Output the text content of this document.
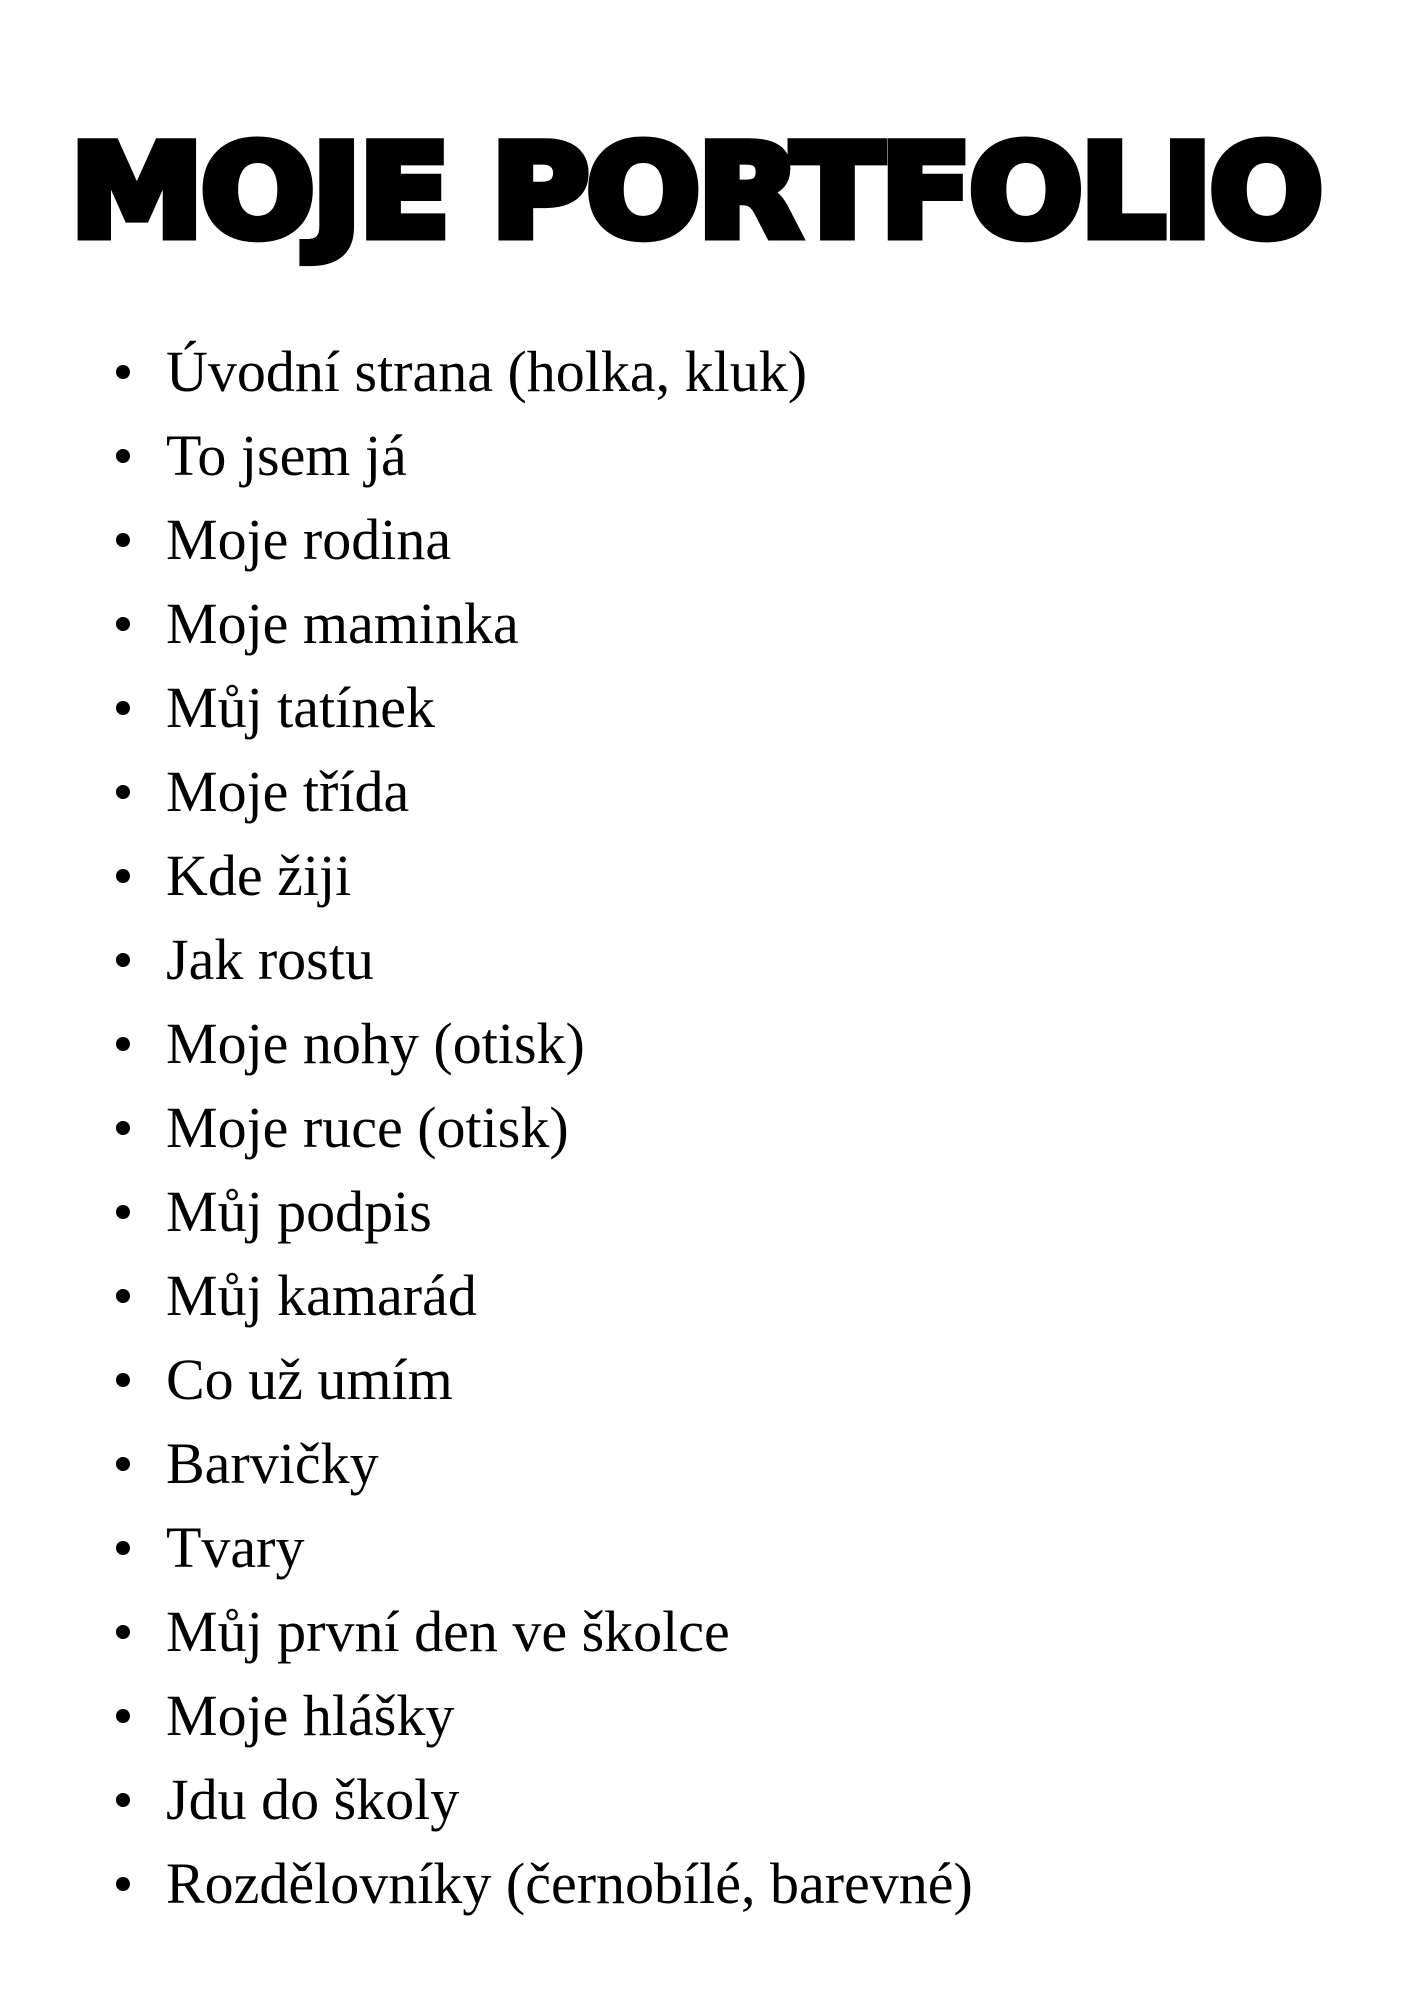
MOJE PORTFOLIO
Úvodní strana (holka, kluk)
To jsem já
Moje rodina
Moje maminka
Můj tatínek
Moje třída
Kde žiji
Jak rostu
Moje nohy (otisk)
Moje ruce (otisk)
Můj podpis
Můj kamarád
Co už umím
Barvičky
Tvary
Můj první den ve školce
Moje hlášky
Jdu do školy
Rozdělovníky (černobílé, barevné)
